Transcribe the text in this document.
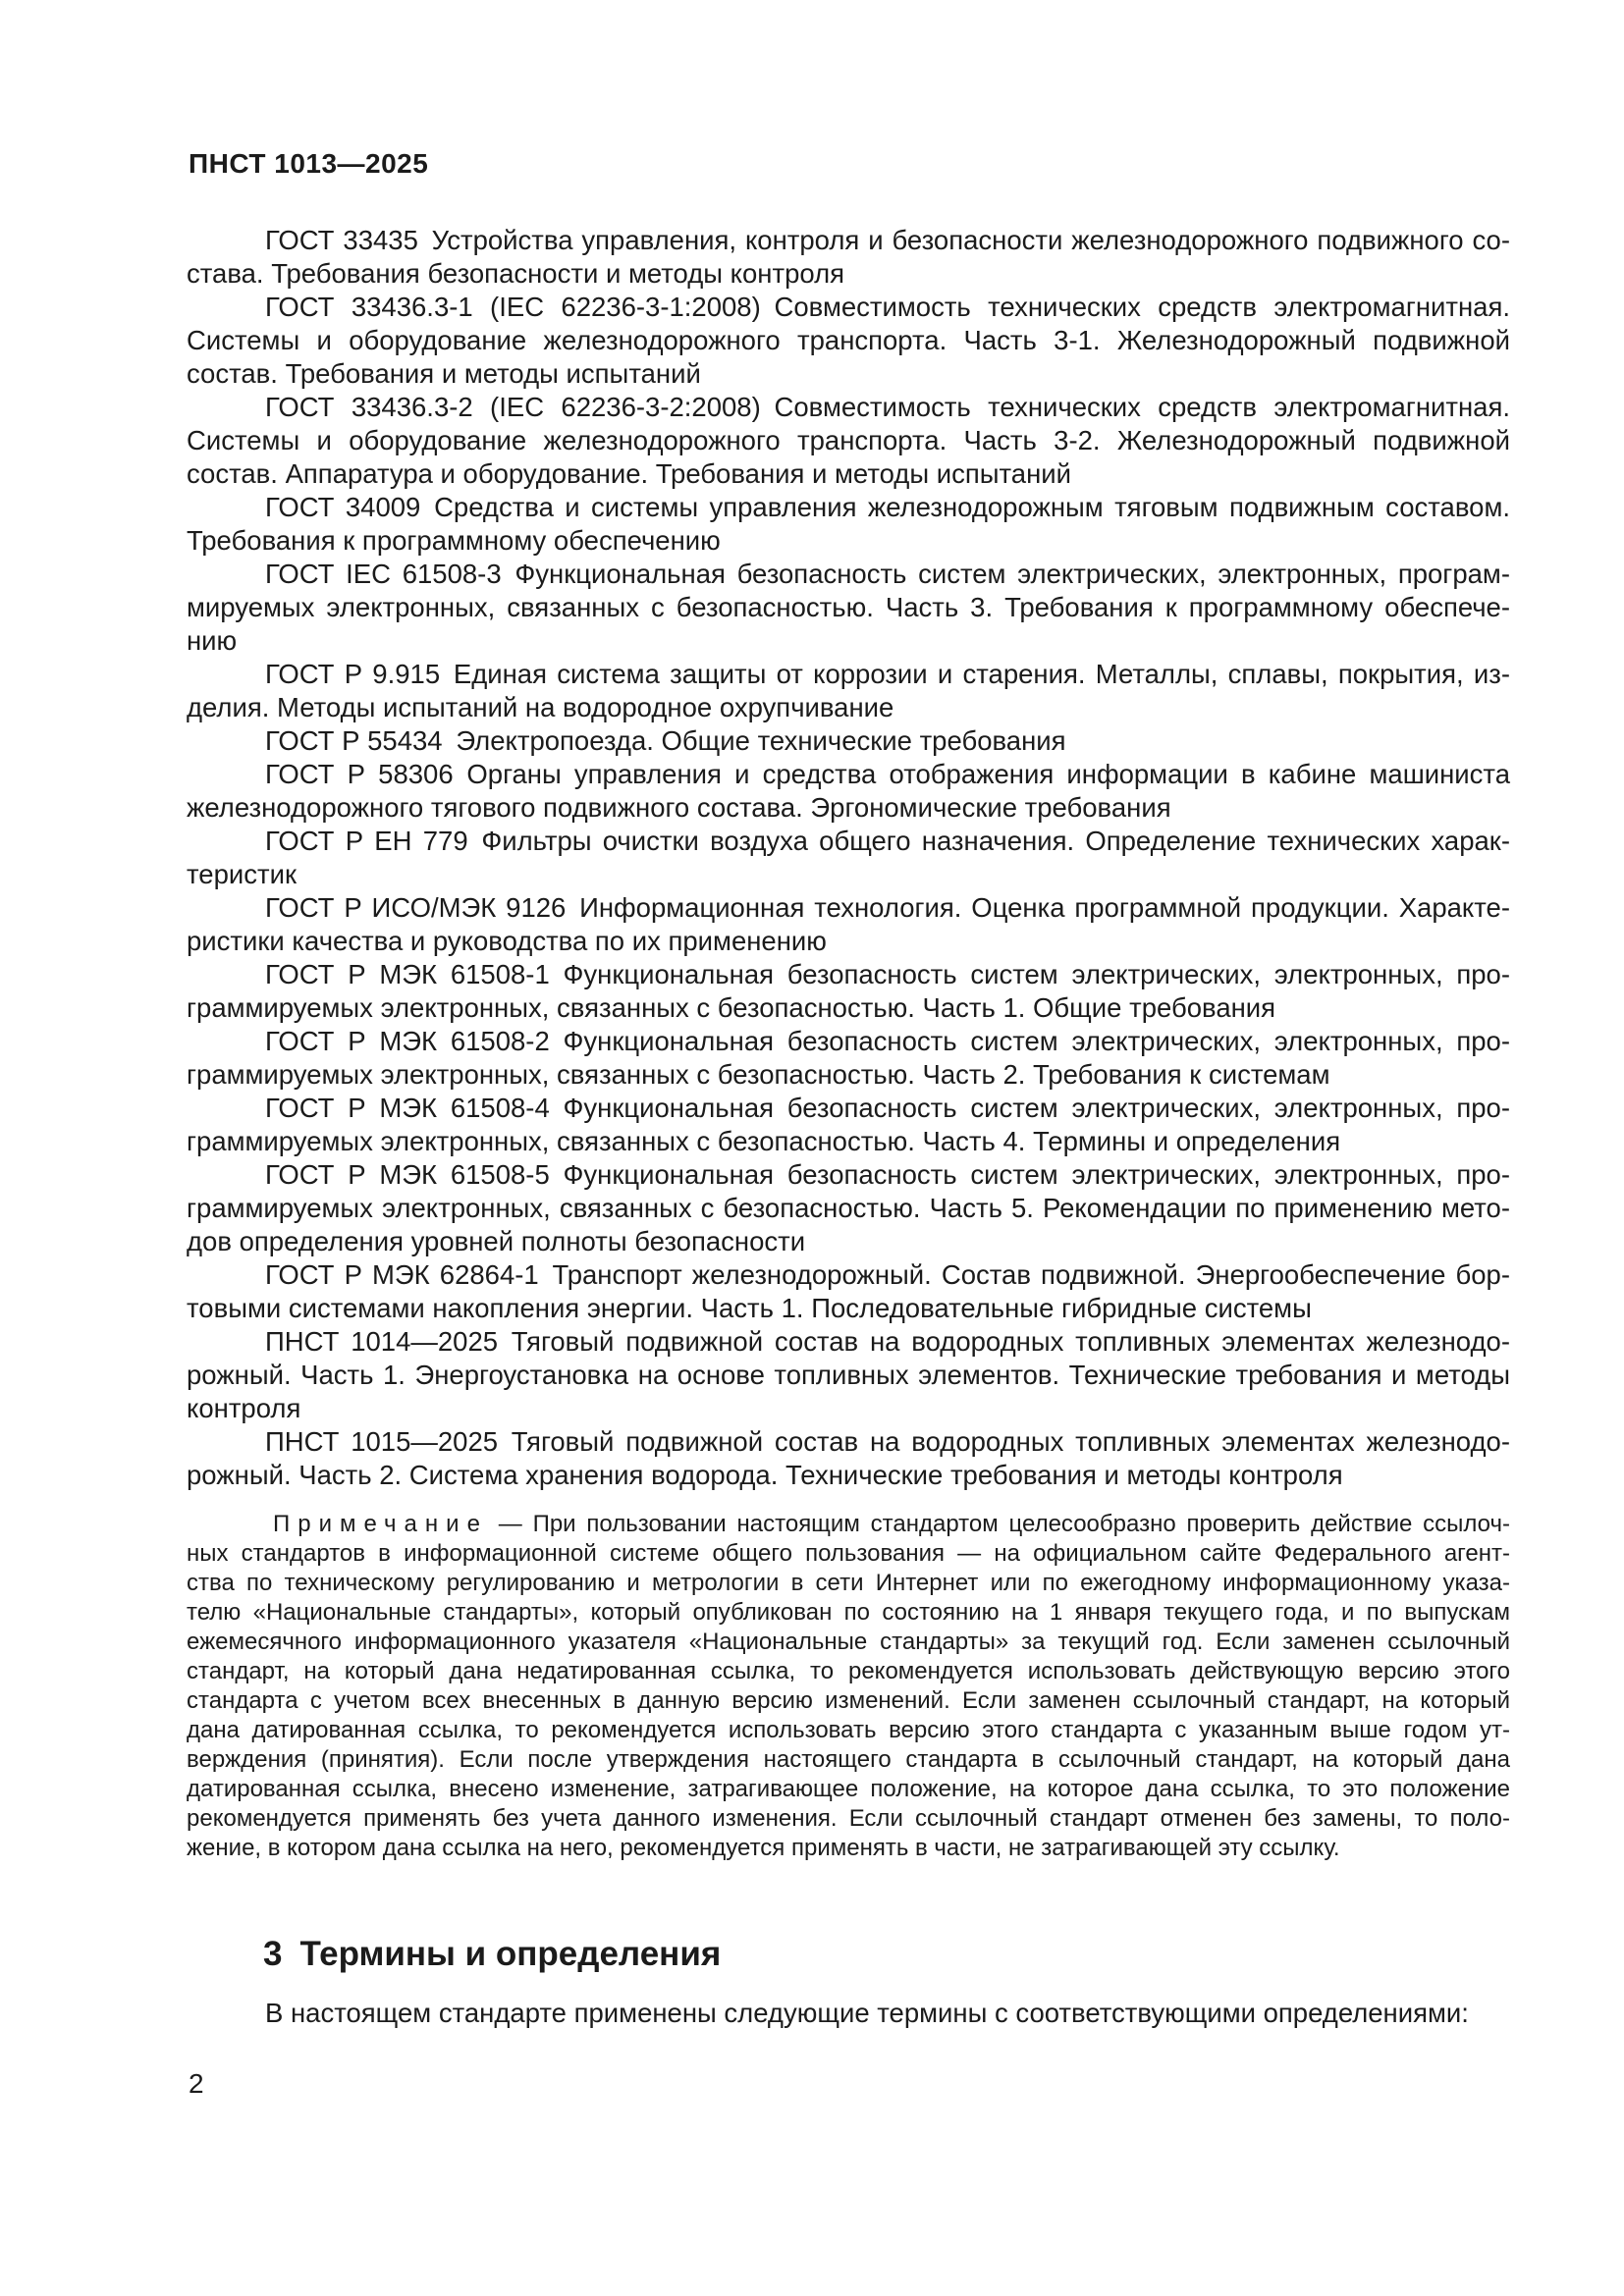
ПНСТ 1013—2025
ГОСТ 33435 Устройства управления, контроля и безопасности железнодорожного подвижного со-
става. Требования безопасности и методы контроля
ГОСТ 33436.3-1 (IEC 62236-3-1:2008) Совместимость технических средств электромагнитная.
Системы и оборудование железнодорожного транспорта. Часть 3-1. Железнодорожный подвижной
состав. Требования и методы испытаний
ГОСТ 33436.3-2 (IEC 62236-3-2:2008) Совместимость технических средств электромагнитная.
Системы и оборудование железнодорожного транспорта. Часть 3-2. Железнодорожный подвижной
состав. Аппаратура и оборудование. Требования и методы испытаний
ГОСТ 34009 Средства и системы управления железнодорожным тяговым подвижным составом.
Требования к программному обеспечению
ГОСТ IEC 61508-3 Функциональная безопасность систем электрических, электронных, програм-
мируемых электронных, связанных с безопасностью. Часть 3. Требования к программному обеспече-
нию
ГОСТ Р 9.915 Единая система защиты от коррозии и старения. Металлы, сплавы, покрытия, из-
делия. Методы испытаний на водородное охрупчивание
ГОСТ Р 55434 Электропоезда. Общие технические требования
ГОСТ Р 58306 Органы управления и средства отображения информации в кабине машиниста
железнодорожного тягового подвижного состава. Эргономические требования
ГОСТ Р ЕН 779 Фильтры очистки воздуха общего назначения. Определение технических харак-
теристик
ГОСТ Р ИСО/МЭК 9126 Информационная технология. Оценка программной продукции. Характе-
ристики качества и руководства по их применению
ГОСТ Р МЭК 61508-1 Функциональная безопасность систем электрических, электронных, про-
граммируемых электронных, связанных с безопасностью. Часть 1. Общие требования
ГОСТ Р МЭК 61508-2 Функциональная безопасность систем электрических, электронных, про-
граммируемых электронных, связанных с безопасностью. Часть 2. Требования к системам
ГОСТ Р МЭК 61508-4 Функциональная безопасность систем электрических, электронных, про-
граммируемых электронных, связанных с безопасностью. Часть 4. Термины и определения
ГОСТ Р МЭК 61508-5 Функциональная безопасность систем электрических, электронных, про-
граммируемых электронных, связанных с безопасностью. Часть 5. Рекомендации по применению мето-
дов определения уровней полноты безопасности
ГОСТ Р МЭК 62864-1 Транспорт железнодорожный. Состав подвижной. Энергообеспечение бор-
товыми системами накопления энергии. Часть 1. Последовательные гибридные системы
ПНСТ 1014—2025 Тяговый подвижной состав на водородных топливных элементах железнодо-
рожный. Часть 1. Энергоустановка на основе топливных элементов. Технические требования и методы
контроля
ПНСТ 1015—2025 Тяговый подвижной состав на водородных топливных элементах железнодо-
рожный. Часть 2. Система хранения водорода. Технические требования и методы контроля
Примечание — При пользовании настоящим стандартом целесообразно проверить действие ссылоч-
ных стандартов в информационной системе общего пользования — на официальном сайте Федерального агент-
ства по техническому регулированию и метрологии в сети Интернет или по ежегодному информационному указа-
телю «Национальные стандарты», который опубликован по состоянию на 1 января текущего года, и по выпускам
ежемесячного информационного указателя «Национальные стандарты» за текущий год. Если заменен ссылочный
стандарт, на который дана недатированная ссылка, то рекомендуется использовать действующую версию этого
стандарта с учетом всех внесенных в данную версию изменений. Если заменен ссылочный стандарт, на который
дана датированная ссылка, то рекомендуется использовать версию этого стандарта с указанным выше годом ут-
верждения (принятия). Если после утверждения настоящего стандарта в ссылочный стандарт, на который дана
датированная ссылка, внесено изменение, затрагивающее положение, на которое дана ссылка, то это положение
рекомендуется применять без учета данного изменения. Если ссылочный стандарт отменен без замены, то поло-
жение, в котором дана ссылка на него, рекомендуется применять в части, не затрагивающей эту ссылку.
3 Термины и определения
В настоящем стандарте применены следующие термины с соответствующими определениями:
2
